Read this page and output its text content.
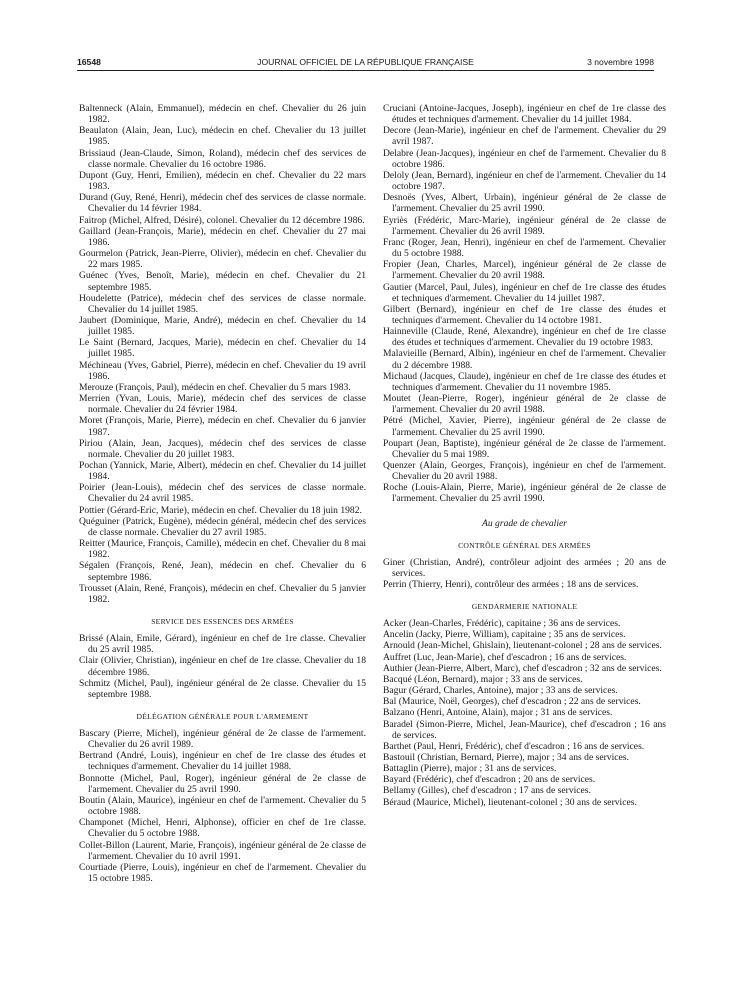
16548	JOURNAL OFFICIEL DE LA RÉPUBLIQUE FRANÇAISE	3 novembre 1998
Baltenneck (Alain, Emmanuel), médecin en chef. Chevalier du 26 juin 1982.
Beaulaton (Alain, Jean, Luc), médecin en chef. Chevalier du 13 juillet 1985.
Brissiaud (Jean-Claude, Simon, Roland), médecin chef des services de classe normale. Chevalier du 16 octobre 1986.
Dupont (Guy, Henri, Emilien), médecin en chef. Chevalier du 22 mars 1983.
Durand (Guy, René, Henri), médecin chef des services de classe normale. Chevalier du 14 février 1984.
Faitrop (Michel, Alfred, Désiré), colonel. Chevalier du 12 décembre 1986.
Gaillard (Jean-François, Marie), médecin en chef. Chevalier du 27 mai 1986.
Gourmelon (Patrick, Jean-Pierre, Olivier), médecin en chef. Chevalier du 22 mars 1985.
Guénec (Yves, Benoît, Marie), médecin en chef. Chevalier du 21 septembre 1985.
Houdelette (Patrice), médecin chef des services de classe normale. Chevalier du 14 juillet 1985.
Jaubert (Dominique, Marie, André), médecin en chef. Chevalier du 14 juillet 1985.
Le Saint (Bernard, Jacques, Marie), médecin en chef. Chevalier du 14 juillet 1985.
Méchineau (Yves, Gabriel, Pierre), médecin en chef. Chevalier du 19 avril 1986.
Merouze (François, Paul), médecin en chef. Chevalier du 5 mars 1983.
Merrien (Yvan, Louis, Marie), médecin chef des services de classe normale. Chevalier du 24 février 1984.
Moret (François, Marie, Pierre), médecin en chef. Chevalier du 6 janvier 1987.
Piriou (Alain, Jean, Jacques), médecin chef des services de classe normale. Chevalier du 20 juillet 1983.
Pochan (Yannick, Marie, Albert), médecin en chef. Chevalier du 14 juillet 1984.
Poirier (Jean-Louis), médecin chef des services de classe normale. Chevalier du 24 avril 1985.
Pottier (Gérard-Eric, Marie), médecin en chef. Chevalier du 18 juin 1982.
Quéguiner (Patrick, Eugène), médecin général, médecin chef des services de classe normale. Chevalier du 27 avril 1985.
Reitter (Maurice, François, Camille), médecin en chef. Chevalier du 8 mai 1982.
Ségalen (François, René, Jean), médecin en chef. Chevalier du 6 septembre 1986.
Trousset (Alain, René, François), médecin en chef. Chevalier du 5 janvier 1982.
SERVICE DES ESSENCES DES ARMÉES
Brissé (Alain, Emile, Gérard), ingénieur en chef de 1re classe. Chevalier du 25 avril 1985.
Clair (Olivier, Christian), ingénieur en chef de 1re classe. Chevalier du 18 décembre 1986.
Schmitz (Michel, Paul), ingénieur général de 2e classe. Chevalier du 15 septembre 1988.
DÉLÉGATION GÉNÉRALE POUR L'ARMEMENT
Bascary (Pierre, Michel), ingénieur général de 2e classe de l'armement. Chevalier du 26 avril 1989.
Bertrand (André, Louis), ingénieur en chef de 1re classe des études et techniques d'armement. Chevalier du 14 juillet 1988.
Bonnotte (Michel, Paul, Roger), ingénieur général de 2e classe de l'armement. Chevalier du 25 avril 1990.
Boutin (Alain, Maurice), ingénieur en chef de l'armement. Chevalier du 5 octobre 1988.
Champonet (Michel, Henri, Alphonse), officier en chef de 1re classe. Chevalier du 5 octobre 1988.
Collet-Billon (Laurent, Marie, François), ingénieur général de 2e classe de l'armement. Chevalier du 10 avril 1991.
Courtiade (Pierre, Louis), ingénieur en chef de l'armement. Chevalier du 15 octobre 1985.
Cruciani (Antoine-Jacques, Joseph), ingénieur en chef de 1re classe des études et techniques d'armement. Chevalier du 14 juillet 1984.
Decore (Jean-Marie), ingénieur en chef de l'armement. Chevalier du 29 avril 1987.
Delabre (Jean-Jacques), ingénieur en chef de l'armement. Chevalier du 8 octobre 1986.
Deloly (Jean, Bernard), ingénieur en chef de l'armement. Chevalier du 14 octobre 1987.
Desnoës (Yves, Albert, Urbain), ingénieur général de 2e classe de l'armement. Chevalier du 25 avril 1990.
Eyriès (Frédéric, Marc-Marie), ingénieur général de 2e classe de l'armement. Chevalier du 26 avril 1989.
Franc (Roger, Jean, Henri), ingénieur en chef de l'armement. Chevalier du 5 octobre 1988.
Fropier (Jean, Charles, Marcel), ingénieur général de 2e classe de l'armement. Chevalier du 20 avril 1988.
Gautier (Marcel, Paul, Jules), ingénieur en chef de 1re classe des études et techniques d'armement. Chevalier du 14 juillet 1987.
Gilbert (Bernard), ingénieur en chef de 1re classe des études et techniques d'armement. Chevalier du 14 octobre 1981.
Hainneville (Claude, René, Alexandre), ingénieur en chef de 1re classe des études et techniques d'armement. Chevalier du 19 octobre 1983.
Malavieille (Bernard, Albin), ingénieur en chef de l'armement. Chevalier du 2 décembre 1988.
Michaud (Jacques, Claude), ingénieur en chef de 1re classe des études et techniques d'armement. Chevalier du 11 novembre 1985.
Moutet (Jean-Pierre, Roger), ingénieur général de 2e classe de l'armement. Chevalier du 20 avril 1988.
Pétré (Michel, Xavier, Pierre), ingénieur général de 2e classe de l'armement. Chevalier du 25 avril 1990.
Poupart (Jean, Baptiste), ingénieur général de 2e classe de l'armement. Chevalier du 5 mai 1989.
Quenzer (Alain, Georges, François), ingénieur en chef de l'armement. Chevalier du 20 avril 1988.
Roche (Louis-Alain, Pierre, Marie), ingénieur général de 2e classe de l'armement. Chevalier du 25 avril 1990.
Au grade de chevalier
CONTRÔLE GÉNÉRAL DES ARMÉES
Giner (Christian, André), contrôleur adjoint des armées ; 20 ans de services.
Perrin (Thierry, Henri), contrôleur des armées ; 18 ans de services.
GENDARMERIE NATIONALE
Acker (Jean-Charles, Frédéric), capitaine ; 36 ans de services.
Ancelin (Jacky, Pierre, William), capitaine ; 35 ans de services.
Arnould (Jean-Michel, Ghislain), lieutenant-colonel ; 28 ans de services.
Auffret (Luc, Jean-Marie), chef d'escadron ; 16 ans de services.
Authier (Jean-Pierre, Albert, Marc), chef d'escadron ; 32 ans de services.
Bacqué (Léon, Bernard), major ; 33 ans de services.
Bagur (Gérard, Charles, Antoine), major ; 33 ans de services.
Bal (Maurice, Noël, Georges), chef d'escadron ; 22 ans de services.
Balzano (Henri, Antoine, Alain), major ; 31 ans de services.
Baradel (Simon-Pierre, Michel, Jean-Maurice), chef d'escadron ; 16 ans de services.
Barthet (Paul, Henri, Frédéric), chef d'escadron ; 16 ans de services.
Bastouil (Christian, Bernard, Pierre), major ; 34 ans de services.
Battaglin (Pierre), major ; 31 ans de services.
Bayard (Frédéric), chef d'escadron ; 20 ans de services.
Bellamy (Gilles), chef d'escadron ; 17 ans de services.
Béraud (Maurice, Michel), lieutenant-colonel ; 30 ans de services.
